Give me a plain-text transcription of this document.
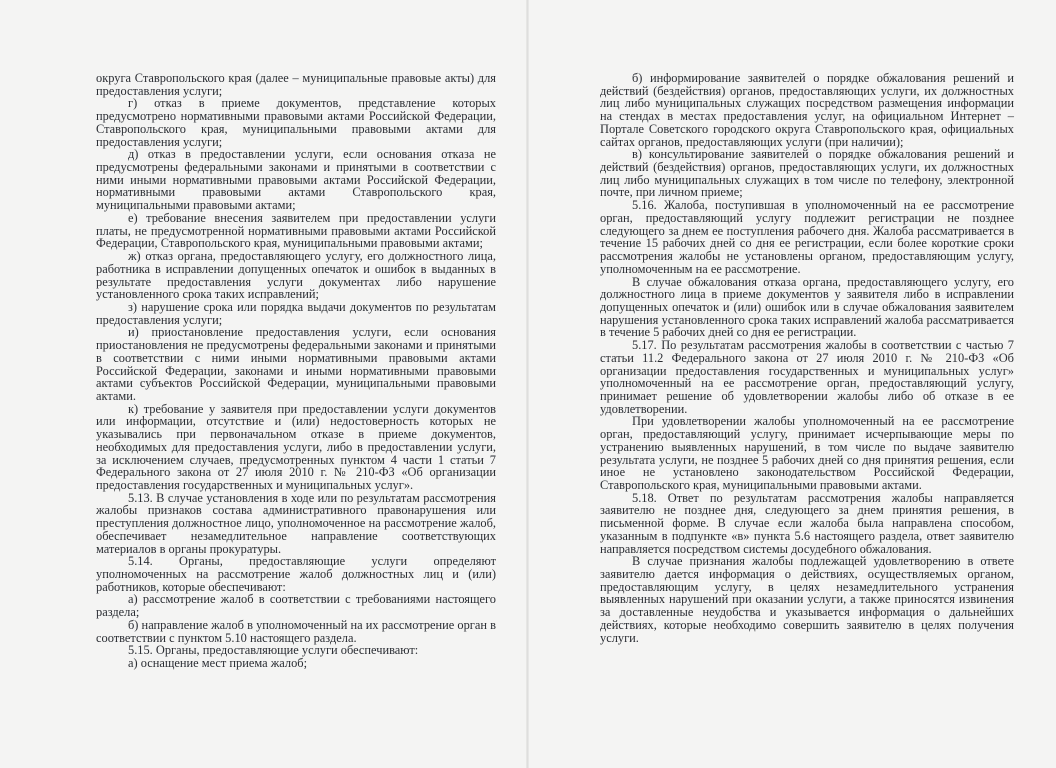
округа Ставропольского края (далее – муниципальные правовые акты) для предоставления услуги;

г) отказ в приеме документов, представление которых предусмотрено нормативными правовыми актами Российской Федерации, Ставропольского края, муниципальными правовыми актами для предоставления услуги;

д) отказ в предоставлении услуги, если основания отказа не предусмотрены федеральными законами и принятыми в соответствии с ними иными нормативными правовыми актами Российской Федерации, нормативными правовыми актами Ставропольского края, муниципальными правовыми актами;

е) требование внесения заявителем при предоставлении услуги платы, не предусмотренной нормативными правовыми актами Российской Федерации, Ставропольского края, муниципальными правовыми актами;

ж) отказ органа, предоставляющего услугу, его должностного лица, работника в исправлении допущенных опечаток и ошибок в выданных в результате предоставления услуги документах либо нарушение установленного срока таких исправлений;

з) нарушение срока или порядка выдачи документов по результатам предоставления услуги;

и) приостановление предоставления услуги, если основания приостановления не предусмотрены федеральными законами и принятыми в соответствии с ними иными нормативными правовыми актами Российской Федерации, законами и иными нормативными правовыми актами субъектов Российской Федерации, муниципальными правовыми актами.

к) требование у заявителя при предоставлении услуги документов или информации, отсутствие и (или) недостоверность которых не указывались при первоначальном отказе в приеме документов, необходимых для предоставления услуги, либо в предоставлении услуги, за исключением случаев, предусмотренных пунктом 4 части 1 статьи 7 Федерального закона от 27 июля 2010 г. № 210-ФЗ «Об организации предоставления государственных и муниципальных услуг».

5.13. В случае установления в ходе или по результатам рассмотрения жалобы признаков состава административного правонарушения или преступления должностное лицо, уполномоченное на рассмотрение жалоб, обеспечивает незамедлительное направление соответствующих материалов в органы прокуратуры.

5.14. Органы, предоставляющие услуги определяют уполномоченных на рассмотрение жалоб должностных лиц и (или) работников, которые обеспечивают:

а) рассмотрение жалоб в соответствии с требованиями настоящего раздела;

б) направление жалоб в уполномоченный на их рассмотрение орган в соответствии с пунктом 5.10 настоящего раздела.

5.15. Органы, предоставляющие услуги обеспечивают:

а) оснащение мест приема жалоб;

б) информирование заявителей о порядке обжалования решений и действий (бездействия) органов, предоставляющих услуги, их должностных лиц либо муниципальных служащих посредством размещения информации на стендах в местах предоставления услуг, на официальном Интернет – Портале Советского городского округа Ставропольского края, официальных сайтах органов, предоставляющих услуги (при наличии);

в) консультирование заявителей о порядке обжалования решений и действий (бездействия) органов, предоставляющих услуги, их должностных лиц либо муниципальных служащих в том числе по телефону, электронной почте, при личном приеме;

5.16. Жалоба, поступившая в уполномоченный на ее рассмотрение орган, предоставляющий услугу подлежит регистрации не позднее следующего за днем ее поступления рабочего дня. Жалоба рассматривается в течение 15 рабочих дней со дня ее регистрации, если более короткие сроки рассмотрения жалобы не установлены органом, предоставляющим услугу, уполномоченным на ее рассмотрение.

В случае обжалования отказа органа, предоставляющего услугу, его должностного лица в приеме документов у заявителя либо в исправлении допущенных опечаток и (или) ошибок или в случае обжалования заявителем нарушения установленного срока таких исправлений жалоба рассматривается в течение 5 рабочих дней со дня ее регистрации.

5.17. По результатам рассмотрения жалобы в соответствии с частью 7 статьи 11.2 Федерального закона от 27 июля 2010 г. № 210-ФЗ «Об организации предоставления государственных и муниципальных услуг» уполномоченный на ее рассмотрение орган, предоставляющий услугу, принимает решение об удовлетворении жалобы либо об отказе в ее удовлетворении.

При удовлетворении жалобы уполномоченный на ее рассмотрение орган, предоставляющий услугу, принимает исчерпывающие меры по устранению выявленных нарушений, в том числе по выдаче заявителю результата услуги, не позднее 5 рабочих дней со дня принятия решения, если иное не установлено законодательством Российской Федерации, Ставропольского края, муниципальными правовыми актами.

5.18. Ответ по результатам рассмотрения жалобы направляется заявителю не позднее дня, следующего за днем принятия решения, в письменной форме. В случае если жалоба была направлена способом, указанным в подпункте «в» пункта 5.6 настоящего раздела, ответ заявителю направляется посредством системы досудебного обжалования.

В случае признания жалобы подлежащей удовлетворению в ответе заявителю дается информация о действиях, осуществляемых органом, предоставляющим услугу, в целях незамедлительного устранения выявленных нарушений при оказании услуги, а также приносятся извинения за доставленные неудобства и указывается информация о дальнейших действиях, которые необходимо совершить заявителю в целях получения услуги.
